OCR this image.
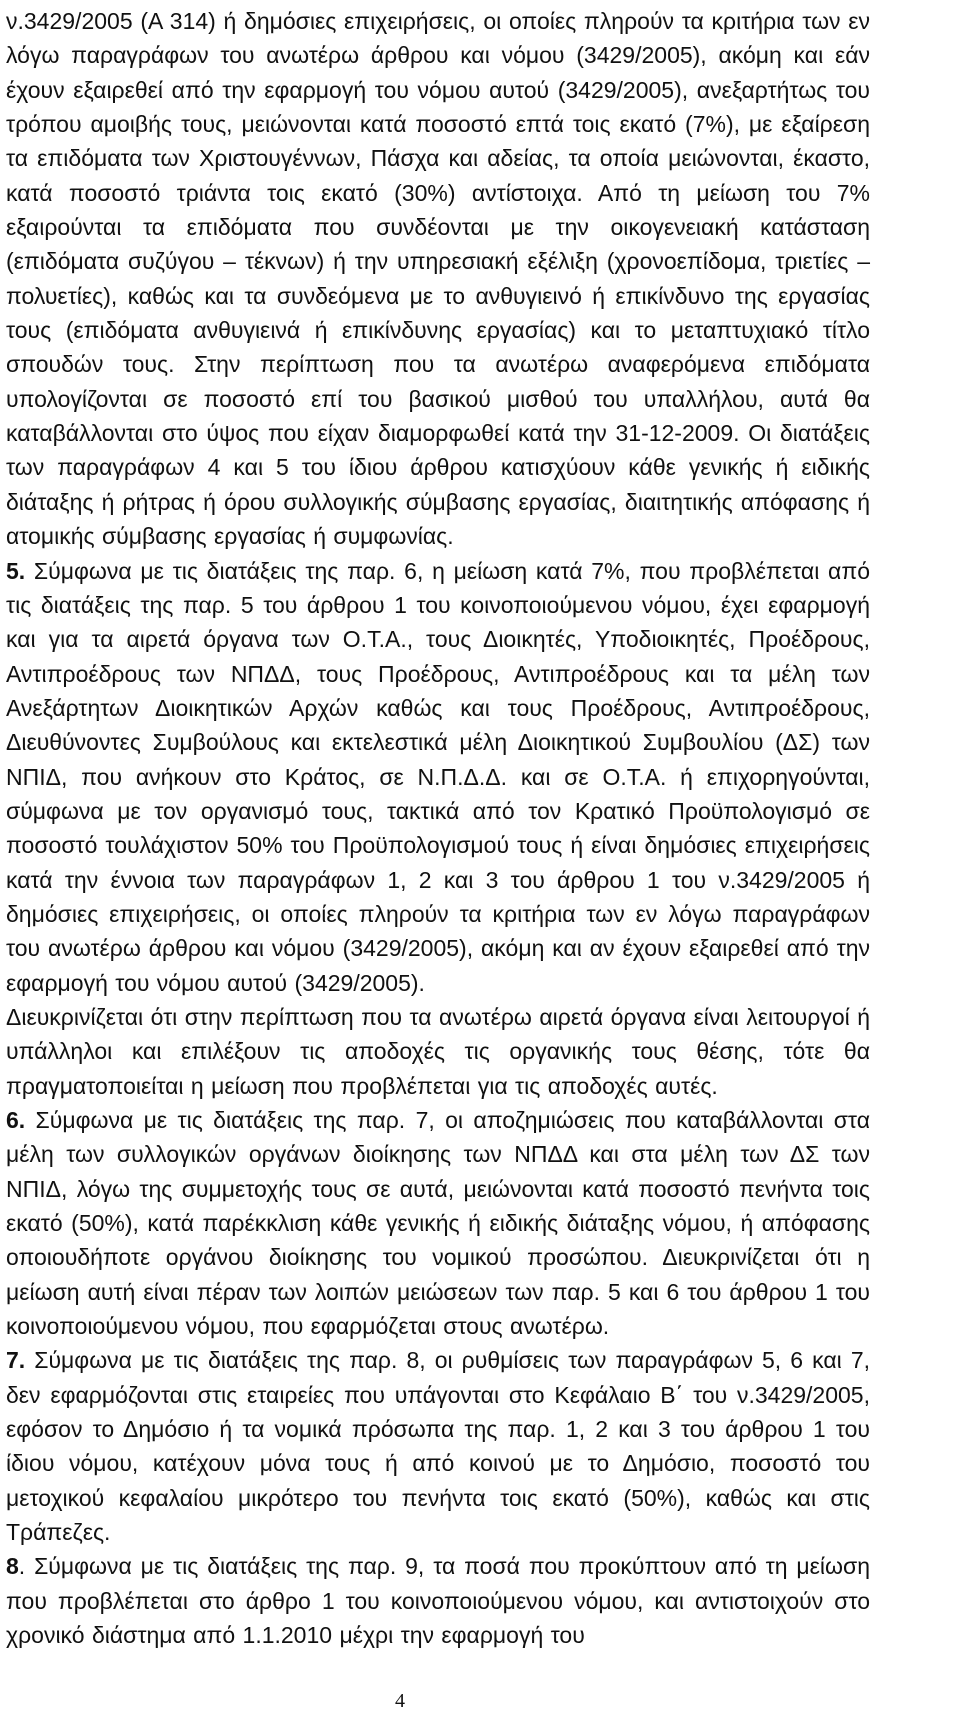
ν.3429/2005 (Α 314) ή δημόσιες επιχειρήσεις, οι οποίες πληρούν τα κριτήρια των εν λόγω παραγράφων του ανωτέρω άρθρου και νόμου (3429/2005), ακόμη και εάν έχουν εξαιρεθεί από την εφαρμογή του νόμου αυτού (3429/2005), ανεξαρτήτως του τρόπου αμοιβής τους, μειώνονται κατά ποσοστό επτά τοις εκατό (7%), με εξαίρεση τα επιδόματα των Χριστουγέννων, Πάσχα και αδείας, τα οποία μειώνονται, έκαστο, κατά ποσοστό τριάντα τοις εκατό (30%) αντίστοιχα. Από τη μείωση του 7% εξαιρούνται τα επιδόματα που συνδέονται με την οικογενειακή κατάσταση (επιδόματα συζύγου – τέκνων) ή την υπηρεσιακή εξέλιξη (χρονοεπίδομα, τριετίες – πολυετίες), καθώς και τα συνδεόμενα με το ανθυγιεινό ή επικίνδυνο της εργασίας τους (επιδόματα ανθυγιεινά ή επικίνδυνης εργασίας) και το μεταπτυχιακό τίτλο σπουδών τους. Στην περίπτωση που τα ανωτέρω αναφερόμενα επιδόματα υπολογίζονται σε ποσοστό επί του βασικού μισθού του υπαλλήλου, αυτά θα καταβάλλονται στο ύψος που είχαν διαμορφωθεί κατά την 31-12-2009. Οι διατάξεις των παραγράφων 4 και 5 του ίδιου άρθρου κατισχύουν κάθε γενικής ή ειδικής διάταξης ή ρήτρας ή όρου συλλογικής σύμβασης εργασίας, διαιτητικής απόφασης ή ατομικής σύμβασης εργασίας ή συμφωνίας.

5. Σύμφωνα με τις διατάξεις της παρ. 6, η μείωση κατά 7%, που προβλέπεται από τις διατάξεις της παρ. 5 του άρθρου 1 του κοινοποιούμενου νόμου, έχει εφαρμογή και για τα αιρετά όργανα των Ο.Τ.Α., τους Διοικητές, Υποδιοικητές, Προέδρους, Αντιπροέδρους των ΝΠΔΔ, τους Προέδρους, Αντιπροέδρους και τα μέλη των Ανεξάρτητων Διοικητικών Αρχών καθώς και τους Προέδρους, Αντιπροέδρους, Διευθύνοντες Συμβούλους και εκτελεστικά μέλη Διοικητικού Συμβουλίου (ΔΣ) των ΝΠΙΔ, που ανήκουν στο Κράτος, σε Ν.Π.Δ.Δ. και σε Ο.Τ.Α. ή επιχορηγούνται, σύμφωνα με τον οργανισμό τους, τακτικά από τον Κρατικό Προϋπολογισμό σε ποσοστό τουλάχιστον 50% του Προϋπολογισμού τους ή είναι δημόσιες επιχειρήσεις κατά την έννοια των παραγράφων 1, 2 και 3 του άρθρου 1 του ν.3429/2005 ή δημόσιες επιχειρήσεις, οι οποίες πληρούν τα κριτήρια των εν λόγω παραγράφων του ανωτέρω άρθρου και νόμου (3429/2005), ακόμη και αν έχουν εξαιρεθεί από την εφαρμογή του νόμου αυτού (3429/2005).

Διευκρινίζεται ότι στην περίπτωση που τα ανωτέρω αιρετά όργανα είναι λειτουργοί ή υπάλληλοι και επιλέξουν τις αποδοχές τις οργανικής τους θέσης, τότε θα πραγματοποιείται η μείωση που προβλέπεται για τις αποδοχές αυτές.

6. Σύμφωνα με τις διατάξεις της παρ. 7, οι αποζημιώσεις που καταβάλλονται στα μέλη των συλλογικών οργάνων διοίκησης των ΝΠΔΔ και στα μέλη των ΔΣ των ΝΠΙΔ, λόγω της συμμετοχής τους σε αυτά, μειώνονται κατά ποσοστό πενήντα τοις εκατό (50%), κατά παρέκκλιση κάθε γενικής ή ειδικής διάταξης νόμου, ή απόφασης οποιουδήποτε οργάνου διοίκησης του νομικού προσώπου. Διευκρινίζεται ότι η μείωση αυτή είναι πέραν των λοιπών μειώσεων των παρ. 5 και 6 του άρθρου 1 του κοινοποιούμενου νόμου, που εφαρμόζεται στους ανωτέρω.

7. Σύμφωνα με τις διατάξεις της παρ. 8, οι ρυθμίσεις των παραγράφων 5, 6 και 7, δεν εφαρμόζονται στις εταιρείες που υπάγονται στο Κεφάλαιο Β΄ του ν.3429/2005, εφόσον το Δημόσιο ή τα νομικά πρόσωπα της παρ. 1, 2 και 3 του άρθρου 1 του ίδιου νόμου, κατέχουν μόνα τους ή από κοινού με το Δημόσιο, ποσοστό του μετοχικού κεφαλαίου μικρότερο του πενήντα τοις εκατό (50%), καθώς και στις Τράπεζες.

8. Σύμφωνα με τις διατάξεις της παρ. 9, τα ποσά που προκύπτουν από τη μείωση που προβλέπεται στο άρθρο 1 του κοινοποιούμενου νόμου, και αντιστοιχούν στο χρονικό διάστημα από 1.1.2010 μέχρι την εφαρμογή του

4
